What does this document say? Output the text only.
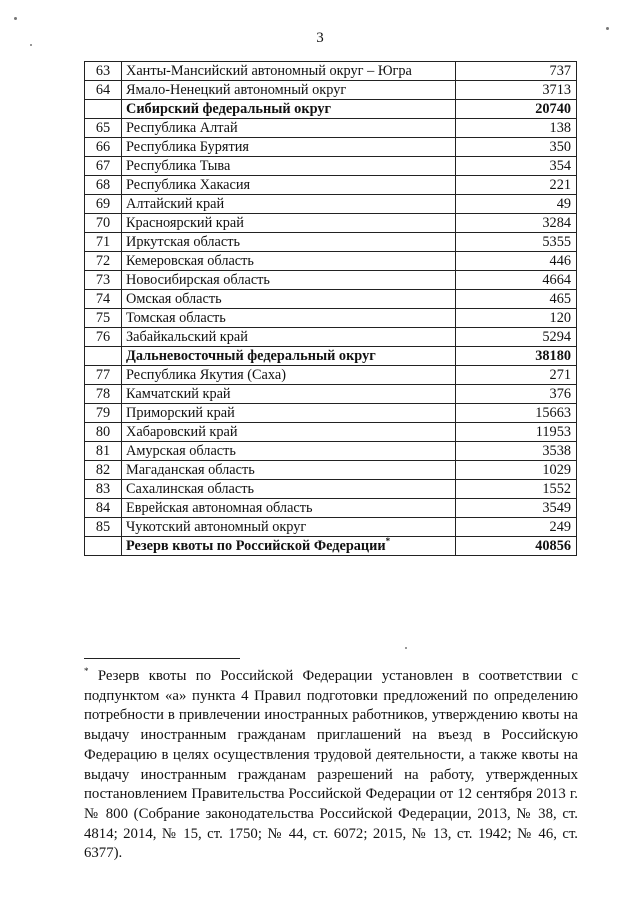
3
63	Ханты-Мансийский автономный округ – Югра	737
64	Ямало-Ненецкий автономный округ	3713
	Сибирский федеральный округ	20740
65	Республика Алтай	138
66	Республика Бурятия	350
67	Республика Тыва	354
68	Республика Хакасия	221
69	Алтайский край	49
70	Красноярский край	3284
71	Иркутская область	5355
72	Кемеровская область	446
73	Новосибирская область	4664
74	Омская область	465
75	Томская область	120
76	Забайкальский край	5294
	Дальневосточный федеральный округ	38180
77	Республика Якутия (Саха)	271
78	Камчатский край	376
79	Приморский край	15663
80	Хабаровский край	11953
81	Амурская область	3538
82	Магаданская область	1029
83	Сахалинская область	1552
84	Еврейская автономная область	3549
85	Чукотский автономный округ	249
	Резерв квоты по Российской Федерации*	40856
* Резерв квоты по Российской Федерации установлен в соответствии с подпунктом «а» пункта 4 Правил подготовки предложений по определению потребности в привлечении иностранных работников, утверждению квоты на выдачу иностранным гражданам приглашений на въезд в Российскую Федерацию в целях осуществления трудовой деятельности, а также квоты на выдачу иностранным гражданам разрешений на работу, утвержденных постановлением Правительства Российской Федерации от 12 сентября 2013 г. № 800 (Собрание законодательства Российской Федерации, 2013, № 38, ст. 4814; 2014, № 15, ст. 1750; № 44, ст. 6072; 2015, № 13, ст. 1942; № 46, ст. 6377).
